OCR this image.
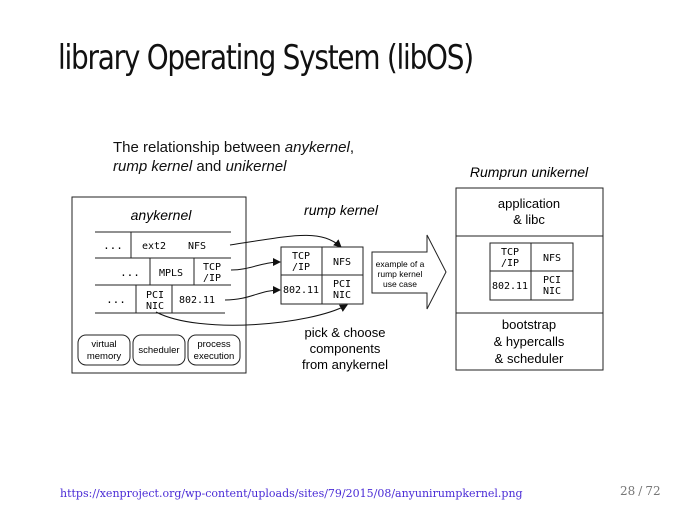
library Operating System (libOS)
The relationship between anykernel,
rump kernel and unikernel
anykernel
... ext2 NFS
... MPLS
TCP
/IP
... PCI
NIC
802.11
virtual
memory
scheduler
process
execution
rump kernel
TCP
/IP NFS
802.11
PCI
NIC
pick & choose
components
from anykernel
example of a
rump kernel
use case
Rumprun unikernel
application
& libc
TCP
/IP NFS
802.11
PCI
NIC
bootstrap
& hypercalls
& scheduler
https://xenproject.org/wp-content/uploads/sites/79/2015/08/anyunirumpkernel.png	28 / 72
